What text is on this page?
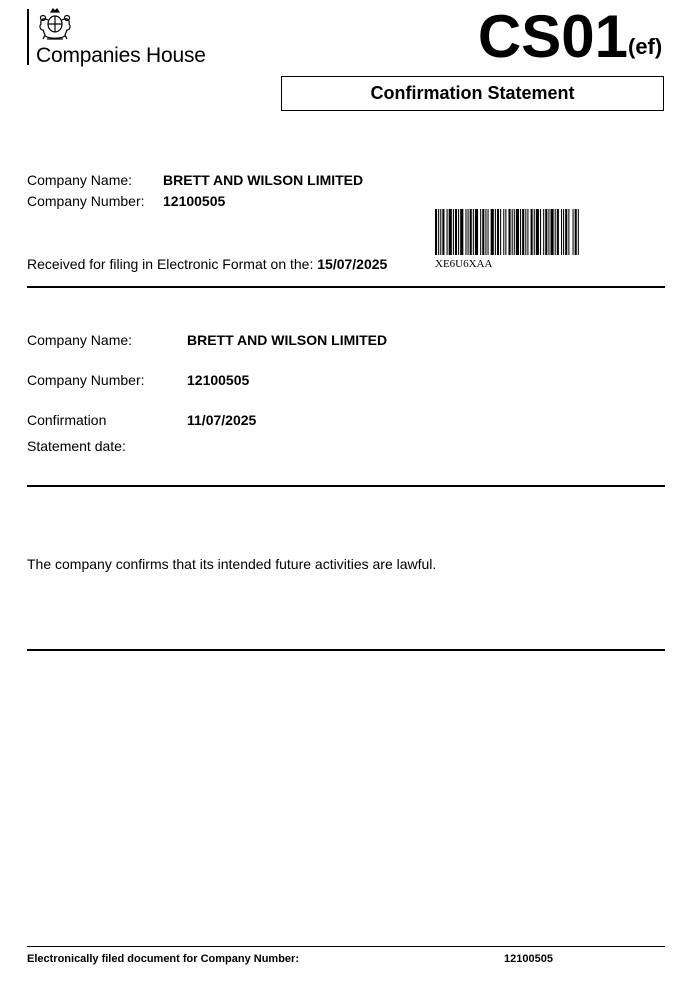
Companies House	CS01 (ef)
Confirmation Statement
Company Name: BRETT AND WILSON LIMITED
Company Number: 12100505
Received for filing in Electronic Format on the: 15/07/2025	XE6U6XAA
Company Name:	BRETT AND WILSON LIMITED
Company Number:	12100505
Confirmation
Statement date:
11/07/2025
The company confirms that its intended future activities are lawful.
Electronically filed document for Company Number:	12100505
